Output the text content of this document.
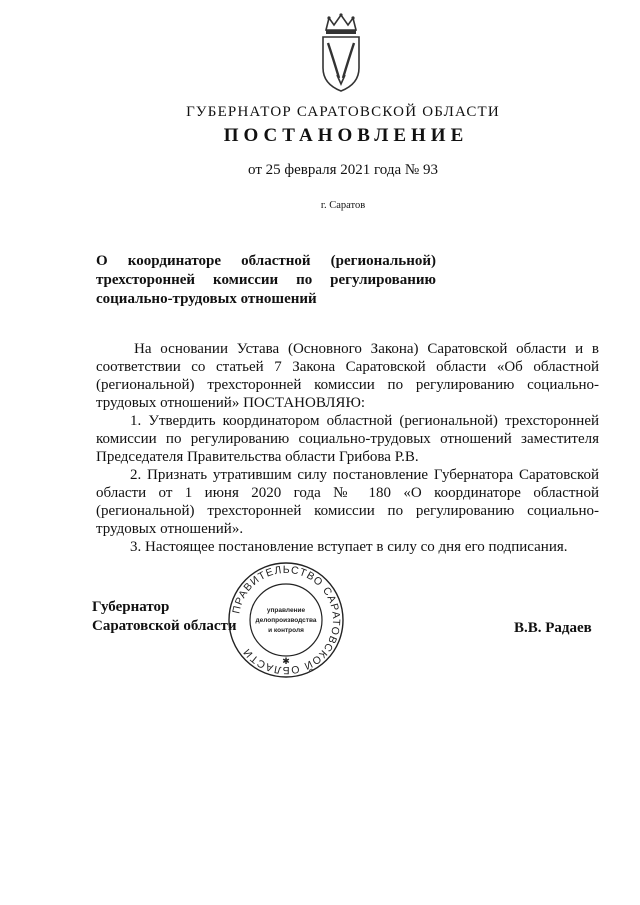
ГУБЕРНАТОР САРАТОВСКОЙ ОБЛАСТИ
ПОСТАНОВЛЕНИЕ
от 25 февраля 2021 года № 93
г. Саратов
О координаторе областной (региональной)
трехсторонней комиссии по регулированию
социально-трудовых отношений

На основании Устава (Основного Закона) Саратовской области и в соответствии со статьей 7 Закона Саратовской области «Об областной (региональной) трехсторонней комиссии по регулированию социально-трудовых отношений» ПОСТАНОВЛЯЮ:

1. Утвердить координатором областной (региональной) трехсторонней комиссии по регулированию социально-трудовых отношений заместителя Председателя Правительства области Грибова Р.В.

2. Признать утратившим силу постановление Губернатора Саратовской области от 1 июня 2020 года № 180 «О координаторе областной (региональной) трехсторонней комиссии по регулированию социально-трудовых отношений».

3. Настоящее постановление вступает в силу со дня его подписания.

Губернатор
Саратовской области	В.В. Радаев
ПРАВИТЕЛЬСТВО САРАТОВСКОЙ ОБЛАСТИ
управление
делопроизводства
и контроля
✱
